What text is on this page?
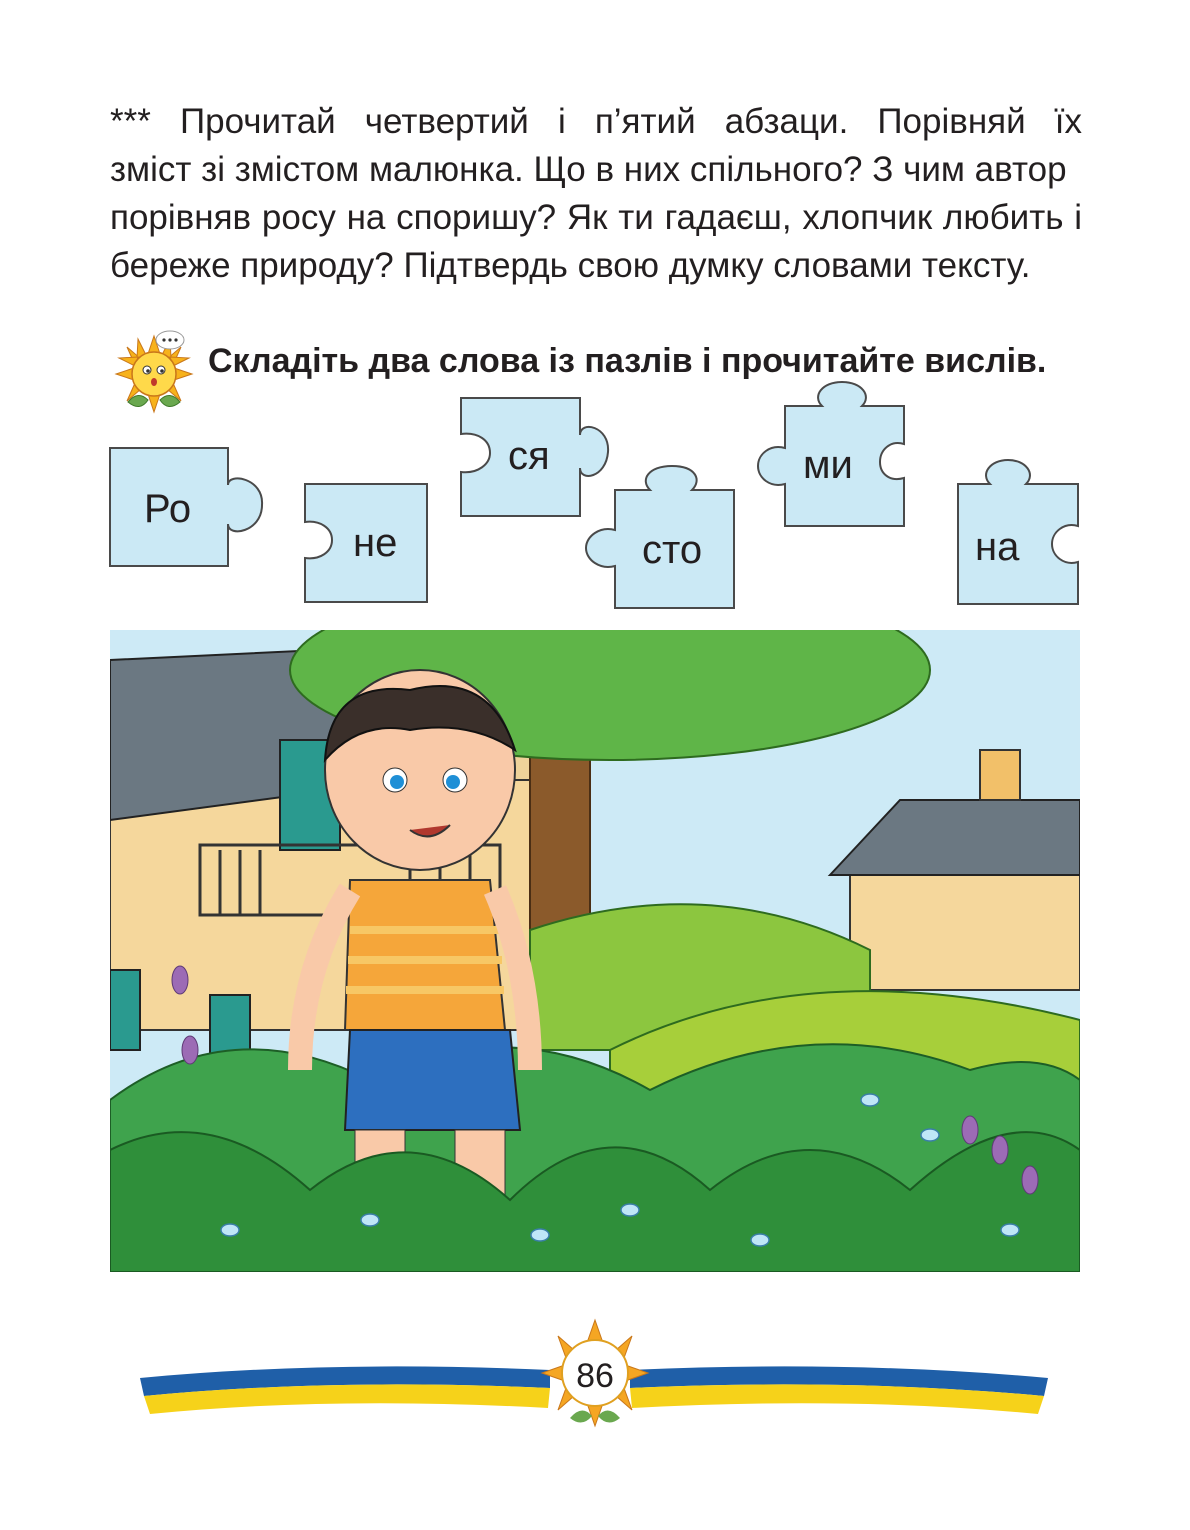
*** Прочитай четвертий і п’ятий абзаци. Порівняй їх
зміст зі змістом малюнка. Що в них спільного? З чим автор
порівняв росу на споришу? Як ти гадаєш, хлопчик любить і
береже природу? Підтвердь свою думку словами тексту.

Складіть два слова із пазлів і прочитайте вислів.

Ро
не
ся
сто
ми
на
86
